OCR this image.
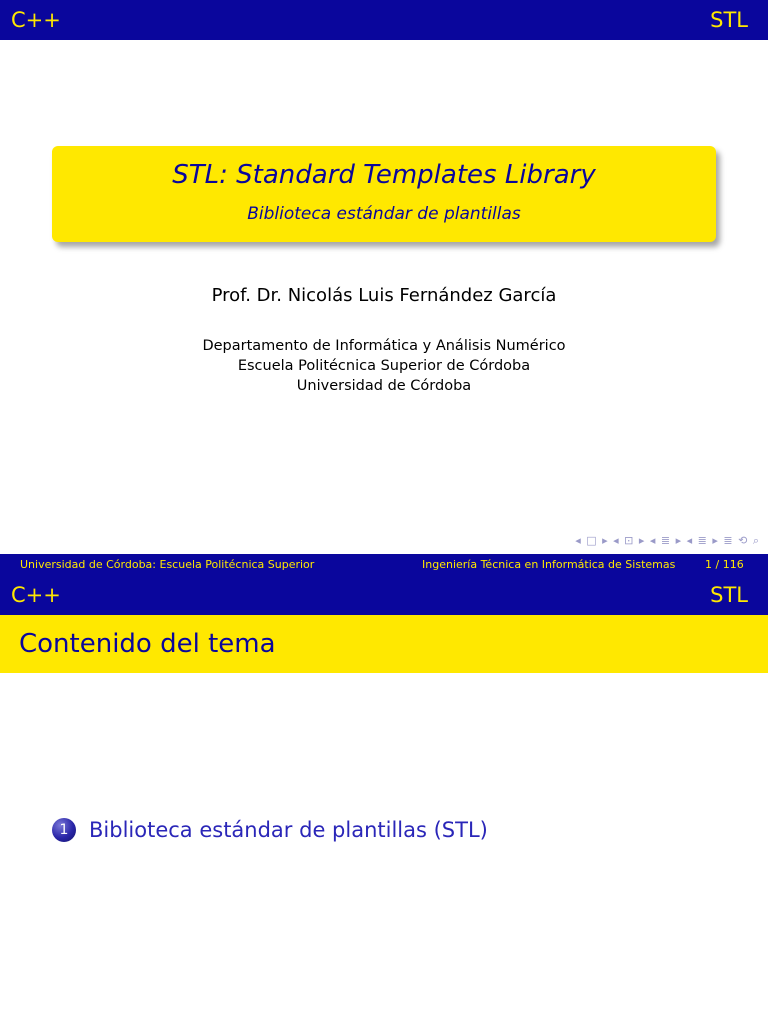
C++	STL
STL: Standard Templates Library
Biblioteca estándar de plantillas
Prof. Dr. Nicolás Luis Fernández García
Departamento de Informática y Análisis Numérico
Escuela Politécnica Superior de Córdoba
Universidad de Córdoba
◂ □ ▸ ◂ ⊡ ▸ ◂ ≣ ▸ ◂ ≣ ▸ ≣ ⟲ ⌕
Universidad de Córdoba: Escuela Politécnica Superior	Ingeniería Técnica en Informática de Sistemas	1 / 116
C++	STL
Contenido del tema
1 Biblioteca estándar de plantillas (STL)
